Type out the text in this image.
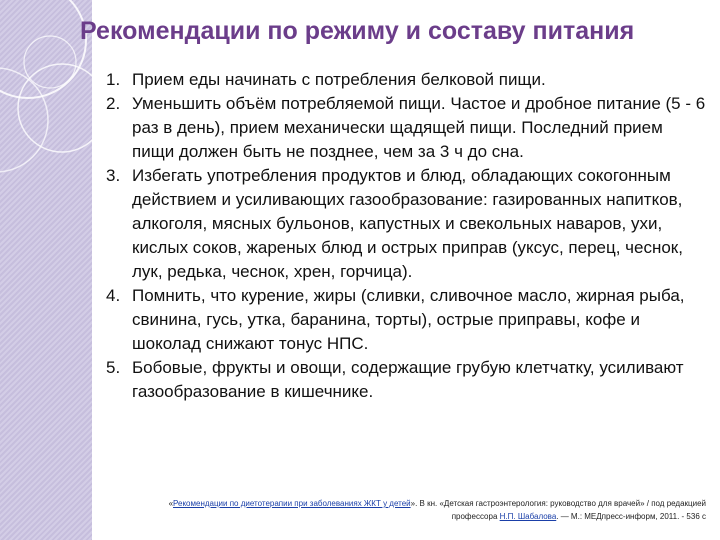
Рекомендации по режиму и составу питания
1. Прием еды начинать с потребления белковой пищи.
2. Уменьшить объём потребляемой пищи. Частое и дробное питание (5 - 6 раз в день), прием механически щадящей пищи. Последний прием пищи должен быть не позднее, чем за 3 ч до сна.
3. Избегать употребления продуктов и блюд, обладающих сокогонным действием и усиливающих газообразование: газированных напитков, алкоголя, мясных бульонов, капустных и свекольных наваров, ухи, кислых соков, жареных блюд и острых приправ (уксус, перец, чеснок, лук, редька, чеснок, хрен, горчица).
4. Помнить, что курение, жиры (сливки, сливочное масло, жирная рыба, свинина, гусь, утка, баранина, торты), острые приправы, кофе и шоколад снижают тонус НПС.
5. Бобовые, фрукты и овощи, содержащие грубую клетчатку, усиливают газообразование в кишечнике.
«Рекомендации по диетотерапии при заболеваниях ЖКТ у детей». В кн. «Детская гастроэнтерология: руководство для врачей» / под редакцией
профессора Н.П. Шабалова. — М.: МЕДпресс-информ, 2011. - 536 с
